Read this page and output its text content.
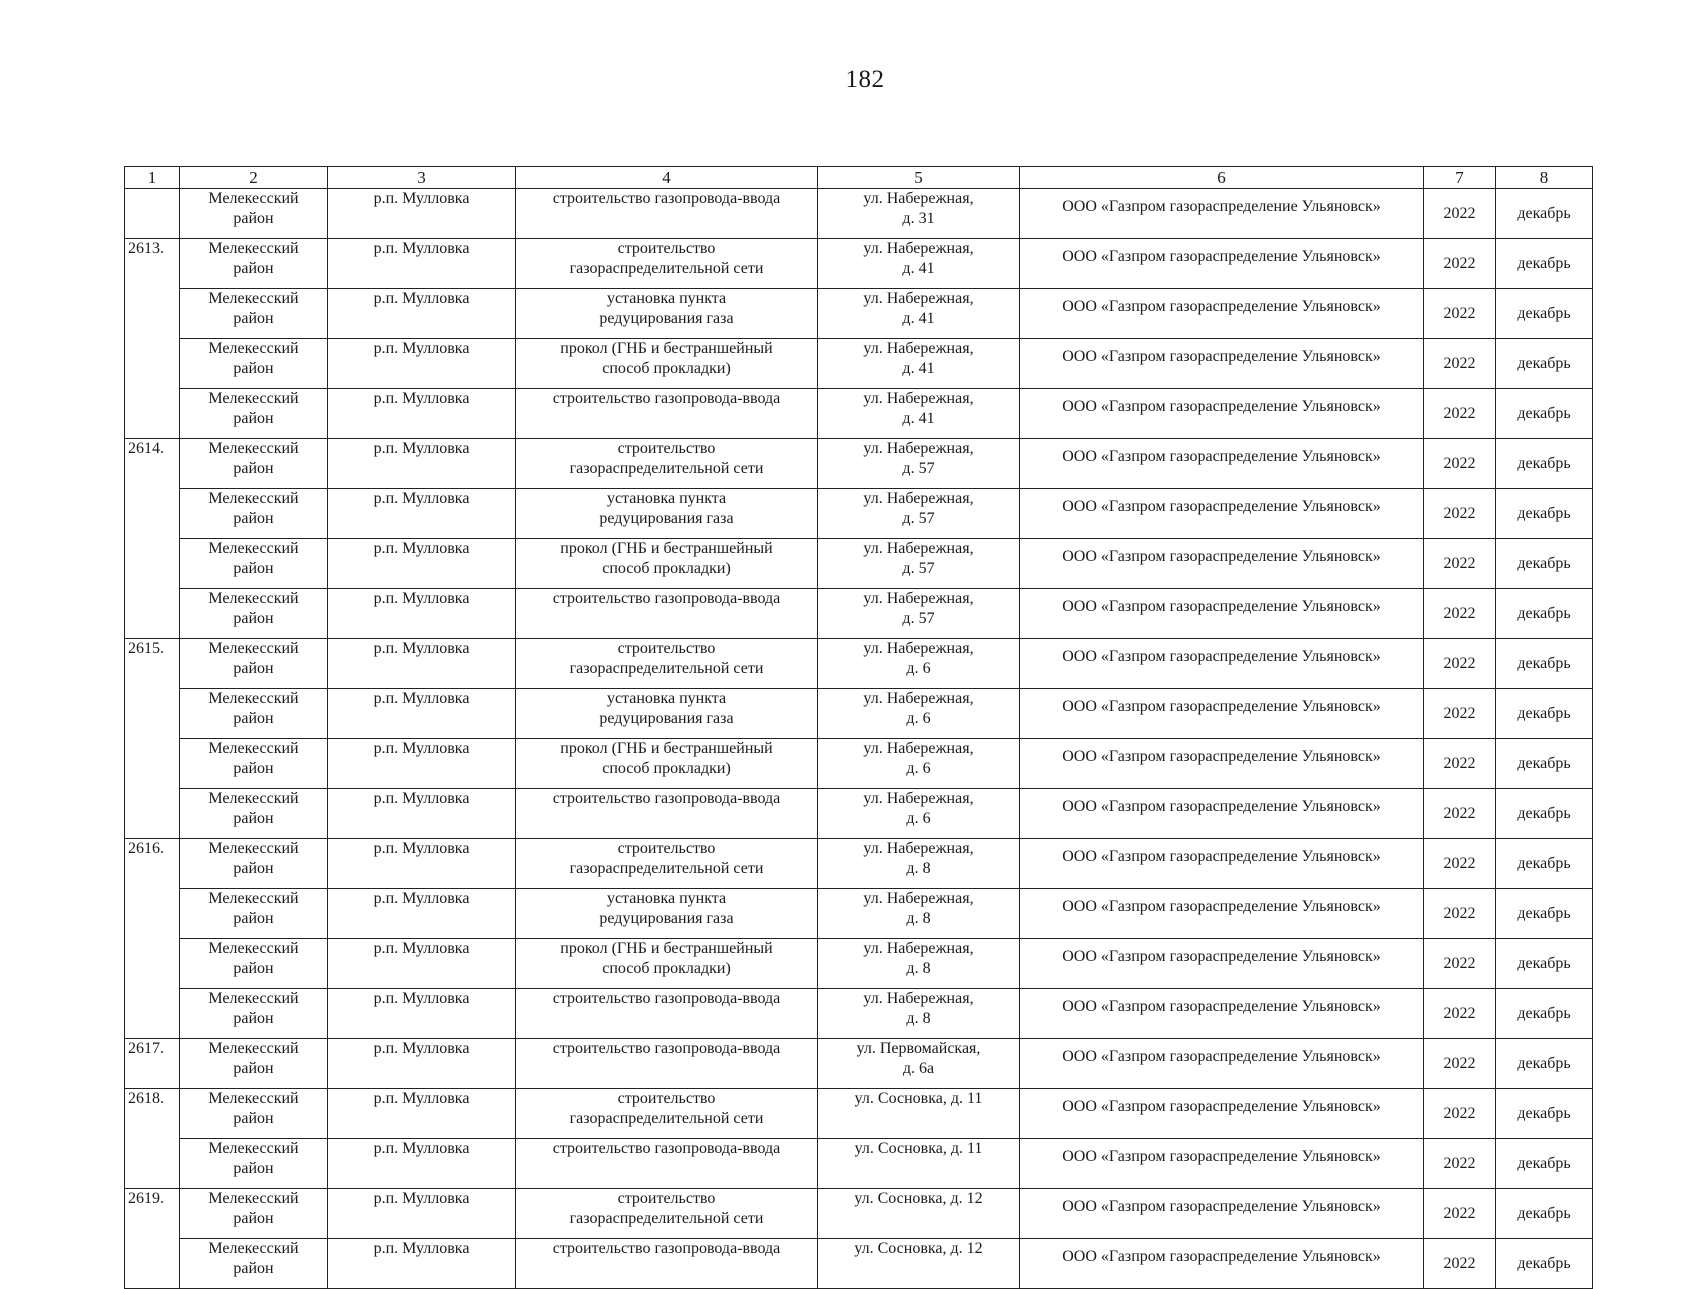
182
1	2	3	4	5	6	7	8

	Мелекесский
район	р.п. Мулловка	строительство газопровода-ввода	ул. Набережная,
д. 31	ООО «Газпром газораспределение Ульяновск»	2022	декабрь

2613.	Мелекесский
район	р.п. Мулловка	строительство
газораспределительной сети	ул. Набережная,
д. 41	ООО «Газпром газораспределение Ульяновск»	2022	декабрь

	Мелекесский
район	р.п. Мулловка	установка пункта
редуцирования газа	ул. Набережная,
д. 41	ООО «Газпром газораспределение Ульяновск»	2022	декабрь

	Мелекесский
район	р.п. Мулловка	прокол (ГНБ и бестраншейный
способ прокладки)	ул. Набережная,
д. 41	ООО «Газпром газораспределение Ульяновск»	2022	декабрь

	Мелекесский
район	р.п. Мулловка	строительство газопровода-ввода	ул. Набережная,
д. 41	ООО «Газпром газораспределение Ульяновск»	2022	декабрь

2614.	Мелекесский
район	р.п. Мулловка	строительство
газораспределительной сети	ул. Набережная,
д. 57	ООО «Газпром газораспределение Ульяновск»	2022	декабрь

	Мелекесский
район	р.п. Мулловка	установка пункта
редуцирования газа	ул. Набережная,
д. 57	ООО «Газпром газораспределение Ульяновск»	2022	декабрь

	Мелекесский
район	р.п. Мулловка	прокол (ГНБ и бестраншейный
способ прокладки)	ул. Набережная,
д. 57	ООО «Газпром газораспределение Ульяновск»	2022	декабрь

	Мелекесский
район	р.п. Мулловка	строительство газопровода-ввода	ул. Набережная,
д. 57	ООО «Газпром газораспределение Ульяновск»	2022	декабрь

2615.	Мелекесский
район	р.п. Мулловка	строительство
газораспределительной сети	ул. Набережная,
д. 6	ООО «Газпром газораспределение Ульяновск»	2022	декабрь

	Мелекесский
район	р.п. Мулловка	установка пункта
редуцирования газа	ул. Набережная,
д. 6	ООО «Газпром газораспределение Ульяновск»	2022	декабрь

	Мелекесский
район	р.п. Мулловка	прокол (ГНБ и бестраншейный
способ прокладки)	ул. Набережная,
д. 6	ООО «Газпром газораспределение Ульяновск»	2022	декабрь

	Мелекесский
район	р.п. Мулловка	строительство газопровода-ввода	ул. Набережная,
д. 6	ООО «Газпром газораспределение Ульяновск»	2022	декабрь

2616.	Мелекесский
район	р.п. Мулловка	строительство
газораспределительной сети	ул. Набережная,
д. 8	ООО «Газпром газораспределение Ульяновск»	2022	декабрь

	Мелекесский
район	р.п. Мулловка	установка пункта
редуцирования газа	ул. Набережная,
д. 8	ООО «Газпром газораспределение Ульяновск»	2022	декабрь

	Мелекесский
район	р.п. Мулловка	прокол (ГНБ и бестраншейный
способ прокладки)	ул. Набережная,
д. 8	ООО «Газпром газораспределение Ульяновск»	2022	декабрь

	Мелекесский
район	р.п. Мулловка	строительство газопровода-ввода	ул. Набережная,
д. 8	ООО «Газпром газораспределение Ульяновск»	2022	декабрь

2617.	Мелекесский
район	р.п. Мулловка	строительство газопровода-ввода	ул. Первомайская,
д. 6а	ООО «Газпром газораспределение Ульяновск»	2022	декабрь

2618.	Мелекесский
район	р.п. Мулловка	строительство
газораспределительной сети	ул. Сосновка, д. 11	ООО «Газпром газораспределение Ульяновск»	2022	декабрь

	Мелекесский
район	р.п. Мулловка	строительство газопровода-ввода	ул. Сосновка, д. 11	ООО «Газпром газораспределение Ульяновск»	2022	декабрь

2619.	Мелекесский
район	р.п. Мулловка	строительство
газораспределительной сети	ул. Сосновка, д. 12	ООО «Газпром газораспределение Ульяновск»	2022	декабрь

	Мелекесский
район	р.п. Мулловка	строительство газопровода-ввода	ул. Сосновка, д. 12	ООО «Газпром газораспределение Ульяновск»	2022	декабрь
